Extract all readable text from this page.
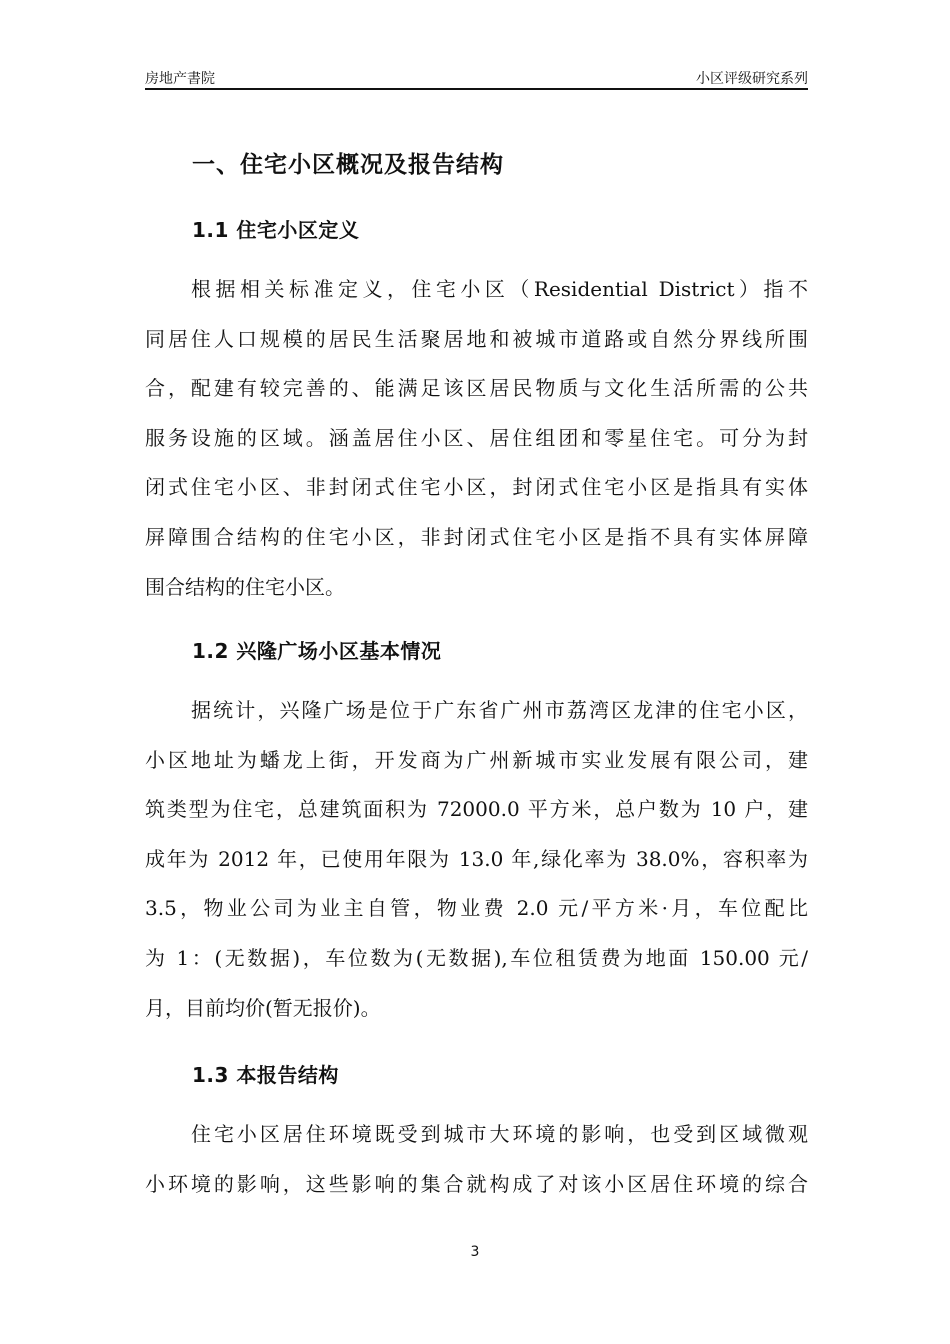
房地产書院	小区评级研究系列
一、住宅小区概况及报告结构
1.1 住宅小区定义
根据相关标准定义，住宅小区（Residential District）指不
同居住人口规模的居民生活聚居地和被城市道路或自然分界线所围
合，配建有较完善的、能满足该区居民物质与文化生活所需的公共
服务设施的区域。涵盖居住小区、居住组团和零星住宅。可分为封
闭式住宅小区、非封闭式住宅小区，封闭式住宅小区是指具有实体
屏障围合结构的住宅小区，非封闭式住宅小区是指不具有实体屏障
围合结构的住宅小区。
1.2 兴隆广场小区基本情况
据统计，兴隆广场是位于广东省广州市荔湾区龙津的住宅小区，
小区地址为蟠龙上街，开发商为广州新城市实业发展有限公司，建
筑类型为住宅，总建筑面积为 72000.0 平方米，总户数为 10 户，建
成年为 2012 年，已使用年限为 13.0 年,绿化率为 38.0%，容积率为
3.5，物业公司为业主自管，物业费 2.0 元/平方米·月，车位配比
为 1：(无数据)，车位数为(无数据),车位租赁费为地面 150.00 元/
月，目前均价(暂无报价)。
1.3 本报告结构
住宅小区居住环境既受到城市大环境的影响，也受到区域微观
小环境的影响，这些影响的集合就构成了对该小区居住环境的综合
3
